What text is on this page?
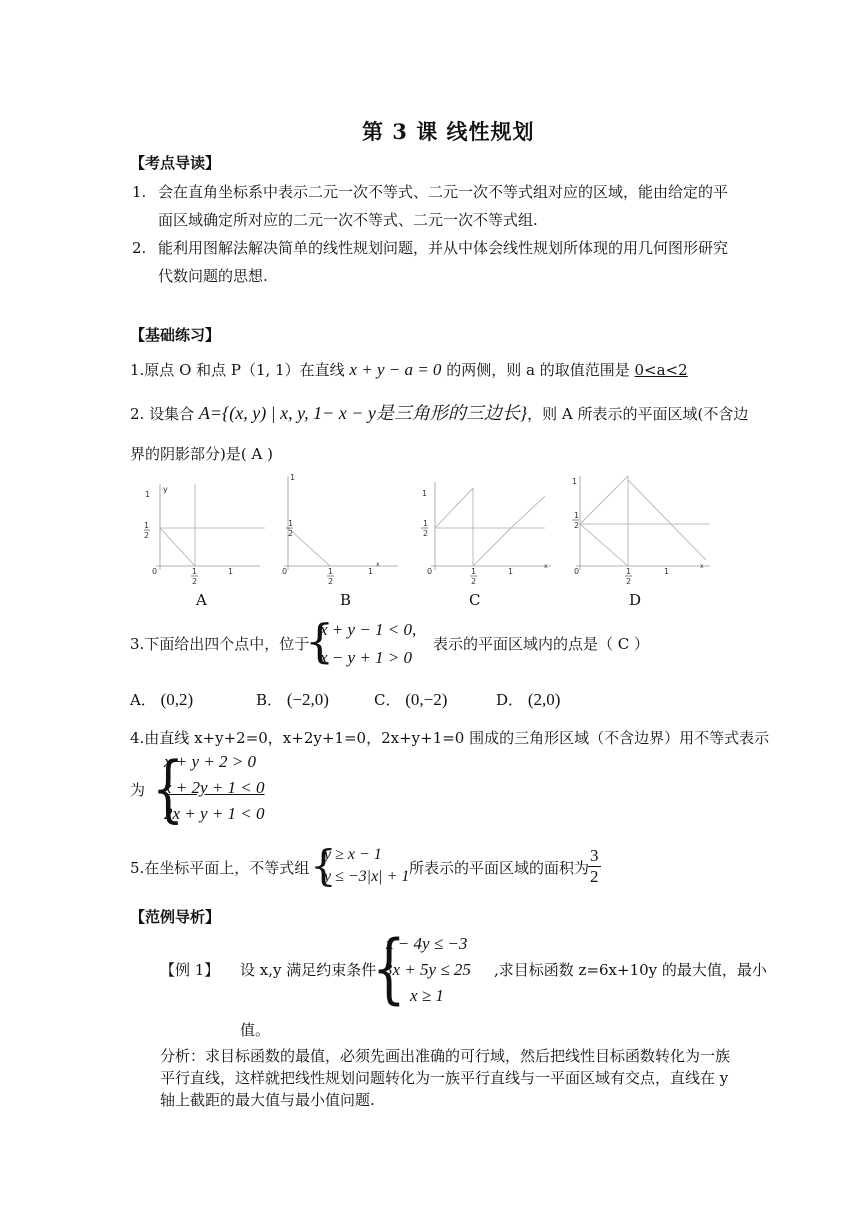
第 3 课 线性规划
【考点导读】
1. 会在直角坐标系中表示二元一次不等式、二元一次不等式组对应的区域，能由给定的平
面区域确定所对应的二元一次不等式、二元一次不等式组.
2. 能利用图解法解决简单的线性规划问题，并从中体会线性规划所体现的用几何图形研究
代数问题的思想.
【基础练习】
1.原点 O 和点 P（1, 1）在直线 x + y − a = 0 的两侧，则 a 的取值范围是 0<a<2
2. 设集合 A={(x, y) | x, y, 1− x − y是三角形的三边长}，则 A 所表示的平面区域(不含边
界的阴影部分)是( A )
1
y
1
2
0	1
2
1
1
1
2
0	1
2
1
x
1
1
2
0	1
2
1
x
1
1
2
0	1
2
1
x
A	B	C	D
3.下面给出四个点中，位于
{
x + y − 1 < 0,
x − y + 1 > 0
表示的平面区域内的点是（ C ）
A． (0,2)	B． (−2,0)	C． (0,−2)	D． (2,0)
4.由直线 x+y+2=0，x+2y+1=0，2x+y+1=0 围成的三角形区域（不含边界）用不等式表示
为 {
x + y + 2 > 0
x + 2y + 1 < 0
2x + y + 1 < 0
5.在坐标平面上，不等式组 {
y ≥ x − 1
y ≤ −3|x| + 1 所表示的平面区域的面积为
$\frac{3}{2}$
【范例导析】
【例 1】 设 x,y 满足约束条件
{
x − 4y ≤ −3
3x + 5y ≤ 25
x ≥ 1
,求目标函数 z=6x+10y 的最大值，最小
值。
分析：求目标函数的最值，必须先画出准确的可行域，然后把线性目标函数转化为一族
平行直线，这样就把线性规划问题转化为一族平行直线与一平面区域有交点，直线在 y
轴上截距的最大值与最小值问题.
